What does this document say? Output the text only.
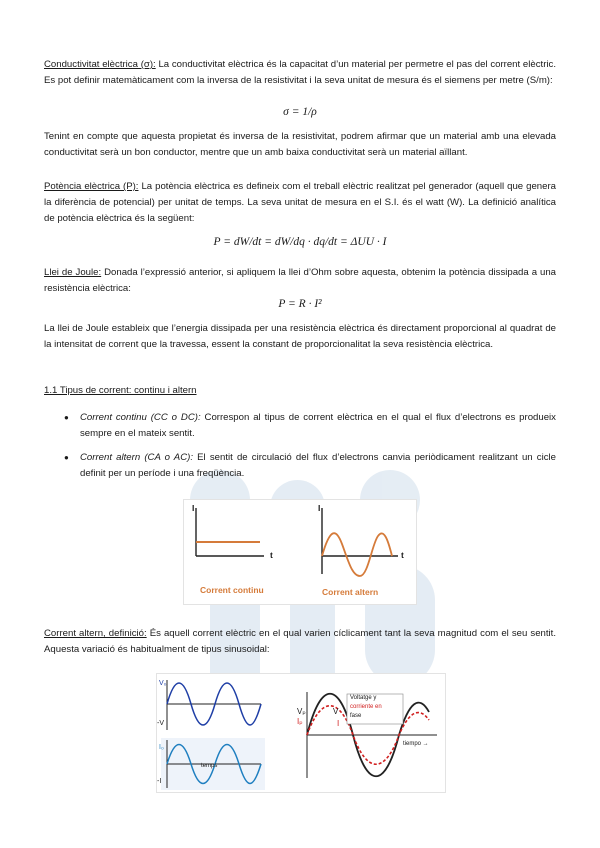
Conductivitat elèctrica (σ): La conductivitat elèctrica és la capacitat d’un material per permetre el pas del corrent elèctric. Es pot definir matemàticament com la inversa de la resistivitat i la seva unitat de mesura és el siemens per metre (S/m):

σ = 1/ρ

Tenint en compte que aquesta propietat és inversa de la resistivitat, podrem afirmar que un material amb una elevada conductivitat serà un bon conductor, mentre que un amb baixa conductivitat serà un material aïllant.

Potència elèctrica (P): La potència elèctrica es defineix com el treball elèctric realitzat pel generador (aquell que genera la diferència de potencial) per unitat de temps. La seva unitat de mesura en el S.I. és el watt (W). La definició analítica de potència elèctrica és la següent:

P = dW/dt = dW/dq · dq/dt = ΔUU · I

Llei de Joule: Donada l’expressió anterior, si apliquem la llei d’Ohm sobre aquesta, obtenim la potència dissipada a una resistència elèctrica:

P = R · I²

La llei de Joule estableix que l’energia dissipada per una resistència elèctrica és directament proporcional al quadrat de la intensitat de corrent que la travessa, essent la constant de proporcionalitat la seva resistència elèctrica.

1.1 Tipus de corrent: continu i altern
● Corrent continu (CC o DC): Correspon al tipus de corrent elèctrica en el qual el flux d’electrons es produeix sempre en el mateix sentit.
● Corrent altern (CA o AC): El sentit de circulació del flux d’electrons canvia periòdicament realitzant un cicle definit per un període i una freqüència.
I
t
I
t
Corrent continu	Corrent altern

Corrent altern, definició: És aquell corrent elèctric en el qual varien cíclicament tant la seva magnitud com el seu sentit. Aquesta variació és habitualment de tipus sinusoidal:

V₀
-V
I₀
-I
temps
Voltatge y
corriente en
fase
Vₚ
Iₚ
V
I
tiempo →
